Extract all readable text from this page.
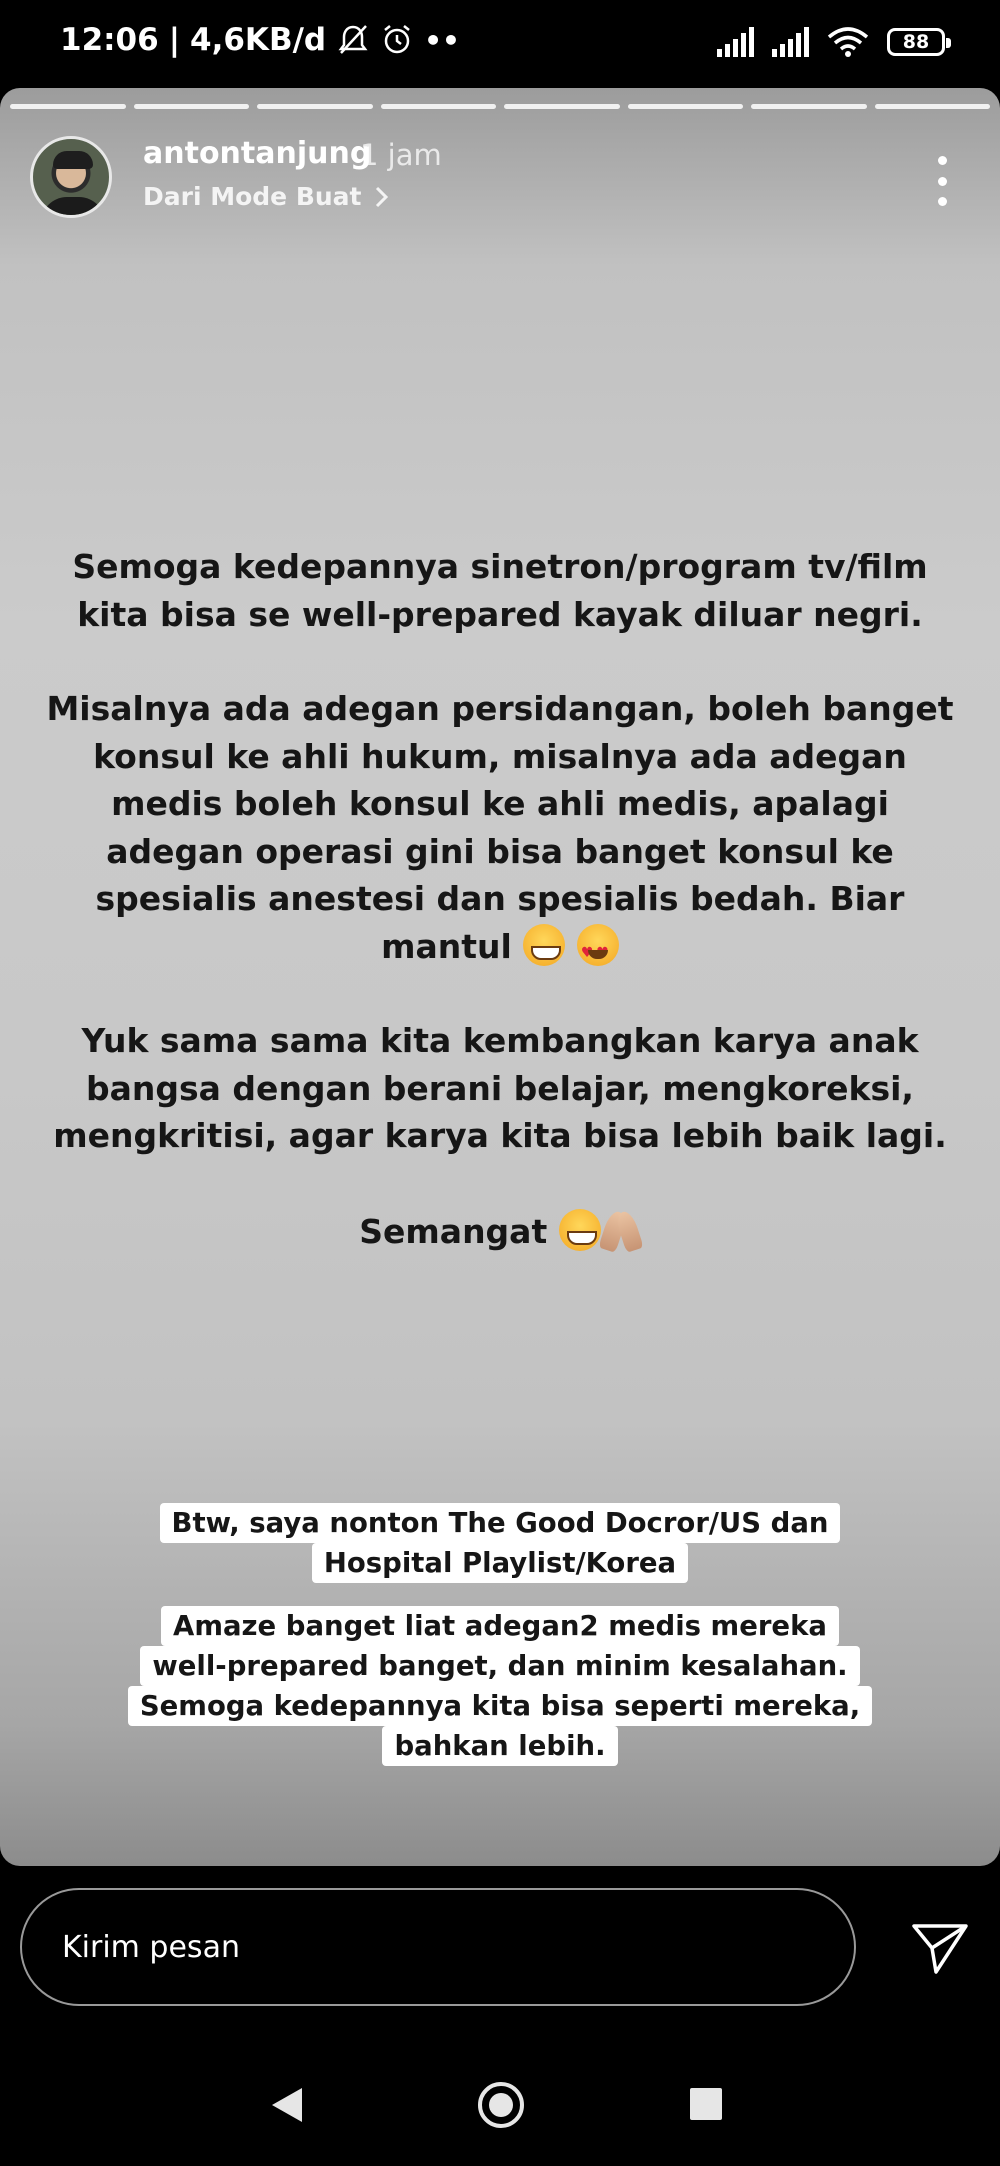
12:06 | 4,6KB/d	••	88
antontanjung
1 jam
Dari Mode Buat

Semoga kedepannya sinetron/program tv/film kita bisa se well-prepared kayak diluar negri.

Misalnya ada adegan persidangan, boleh banget konsul ke ahli hukum, misalnya ada adegan medis boleh konsul ke ahli medis, apalagi adegan operasi gini bisa banget konsul ke spesialis anestesi dan spesialis bedah. Biar mantul  ♥ ♥

Yuk sama sama kita kembangkan karya anak bangsa dengan berani belajar, mengkoreksi, mengkritisi, agar karya kita bisa lebih baik lagi.

Semangat

Btw, saya nonton The Good Docror/US dan
Hospital Playlist/Korea
Amaze banget liat adegan2 medis mereka
well-prepared banget, dan minim kesalahan.
Semoga kedepannya kita bisa seperti mereka,
bahkan lebih.
Kirim pesan
